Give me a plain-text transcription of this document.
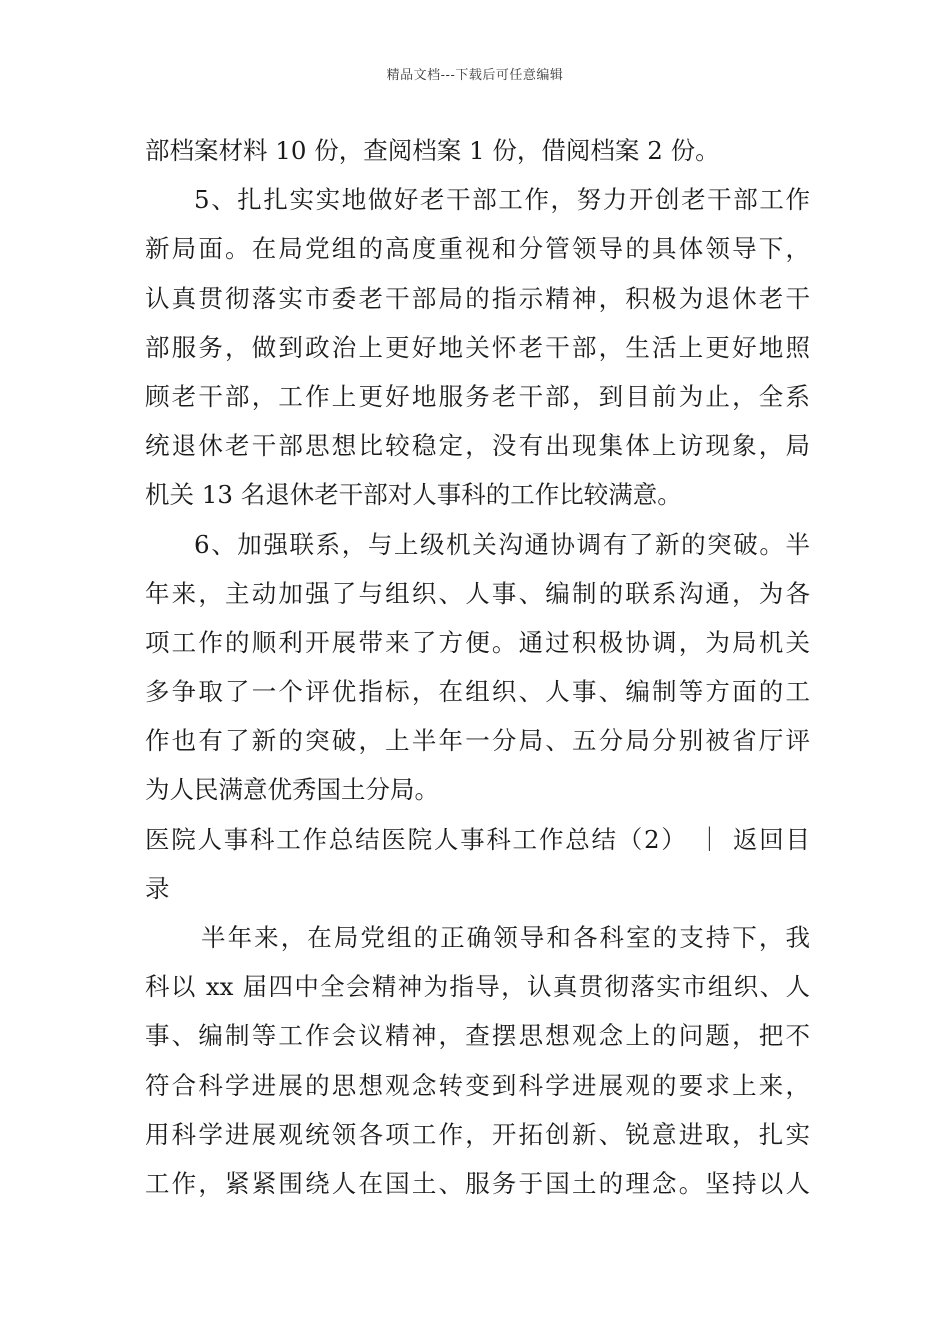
精品文档---下载后可任意编辑
部档案材料 10 份，查阅档案 1 份，借阅档案 2 份。
5、扎扎实实地做好老干部工作，努力开创老干部工作
新局面。在局党组的高度重视和分管领导的具体领导下，
认真贯彻落实市委老干部局的指示精神，积极为退休老干
部服务，做到政治上更好地关怀老干部，生活上更好地照
顾老干部，工作上更好地服务老干部，到目前为止，全系
统退休老干部思想比较稳定，没有出现集体上访现象，局
机关 13 名退休老干部对人事科的工作比较满意。
6、加强联系，与上级机关沟通协调有了新的突破。半
年来，主动加强了与组织、人事、编制的联系沟通，为各
项工作的顺利开展带来了方便。通过积极协调，为局机关
多争取了一个评优指标，在组织、人事、编制等方面的工
作也有了新的突破，上半年一分局、五分局分别被省厅评
为人民满意优秀国土分局。
医院人事科工作总结医院人事科工作总结（2） ｜ 返回目
录
半年来，在局党组的正确领导和各科室的支持下，我
科以 xx 届四中全会精神为指导，认真贯彻落实市组织、人
事、编制等工作会议精神，查摆思想观念上的问题，把不
符合科学进展的思想观念转变到科学进展观的要求上来，
用科学进展观统领各项工作，开拓创新、锐意进取，扎实
工作，紧紧围绕人在国土、服务于国土的理念。坚持以人
